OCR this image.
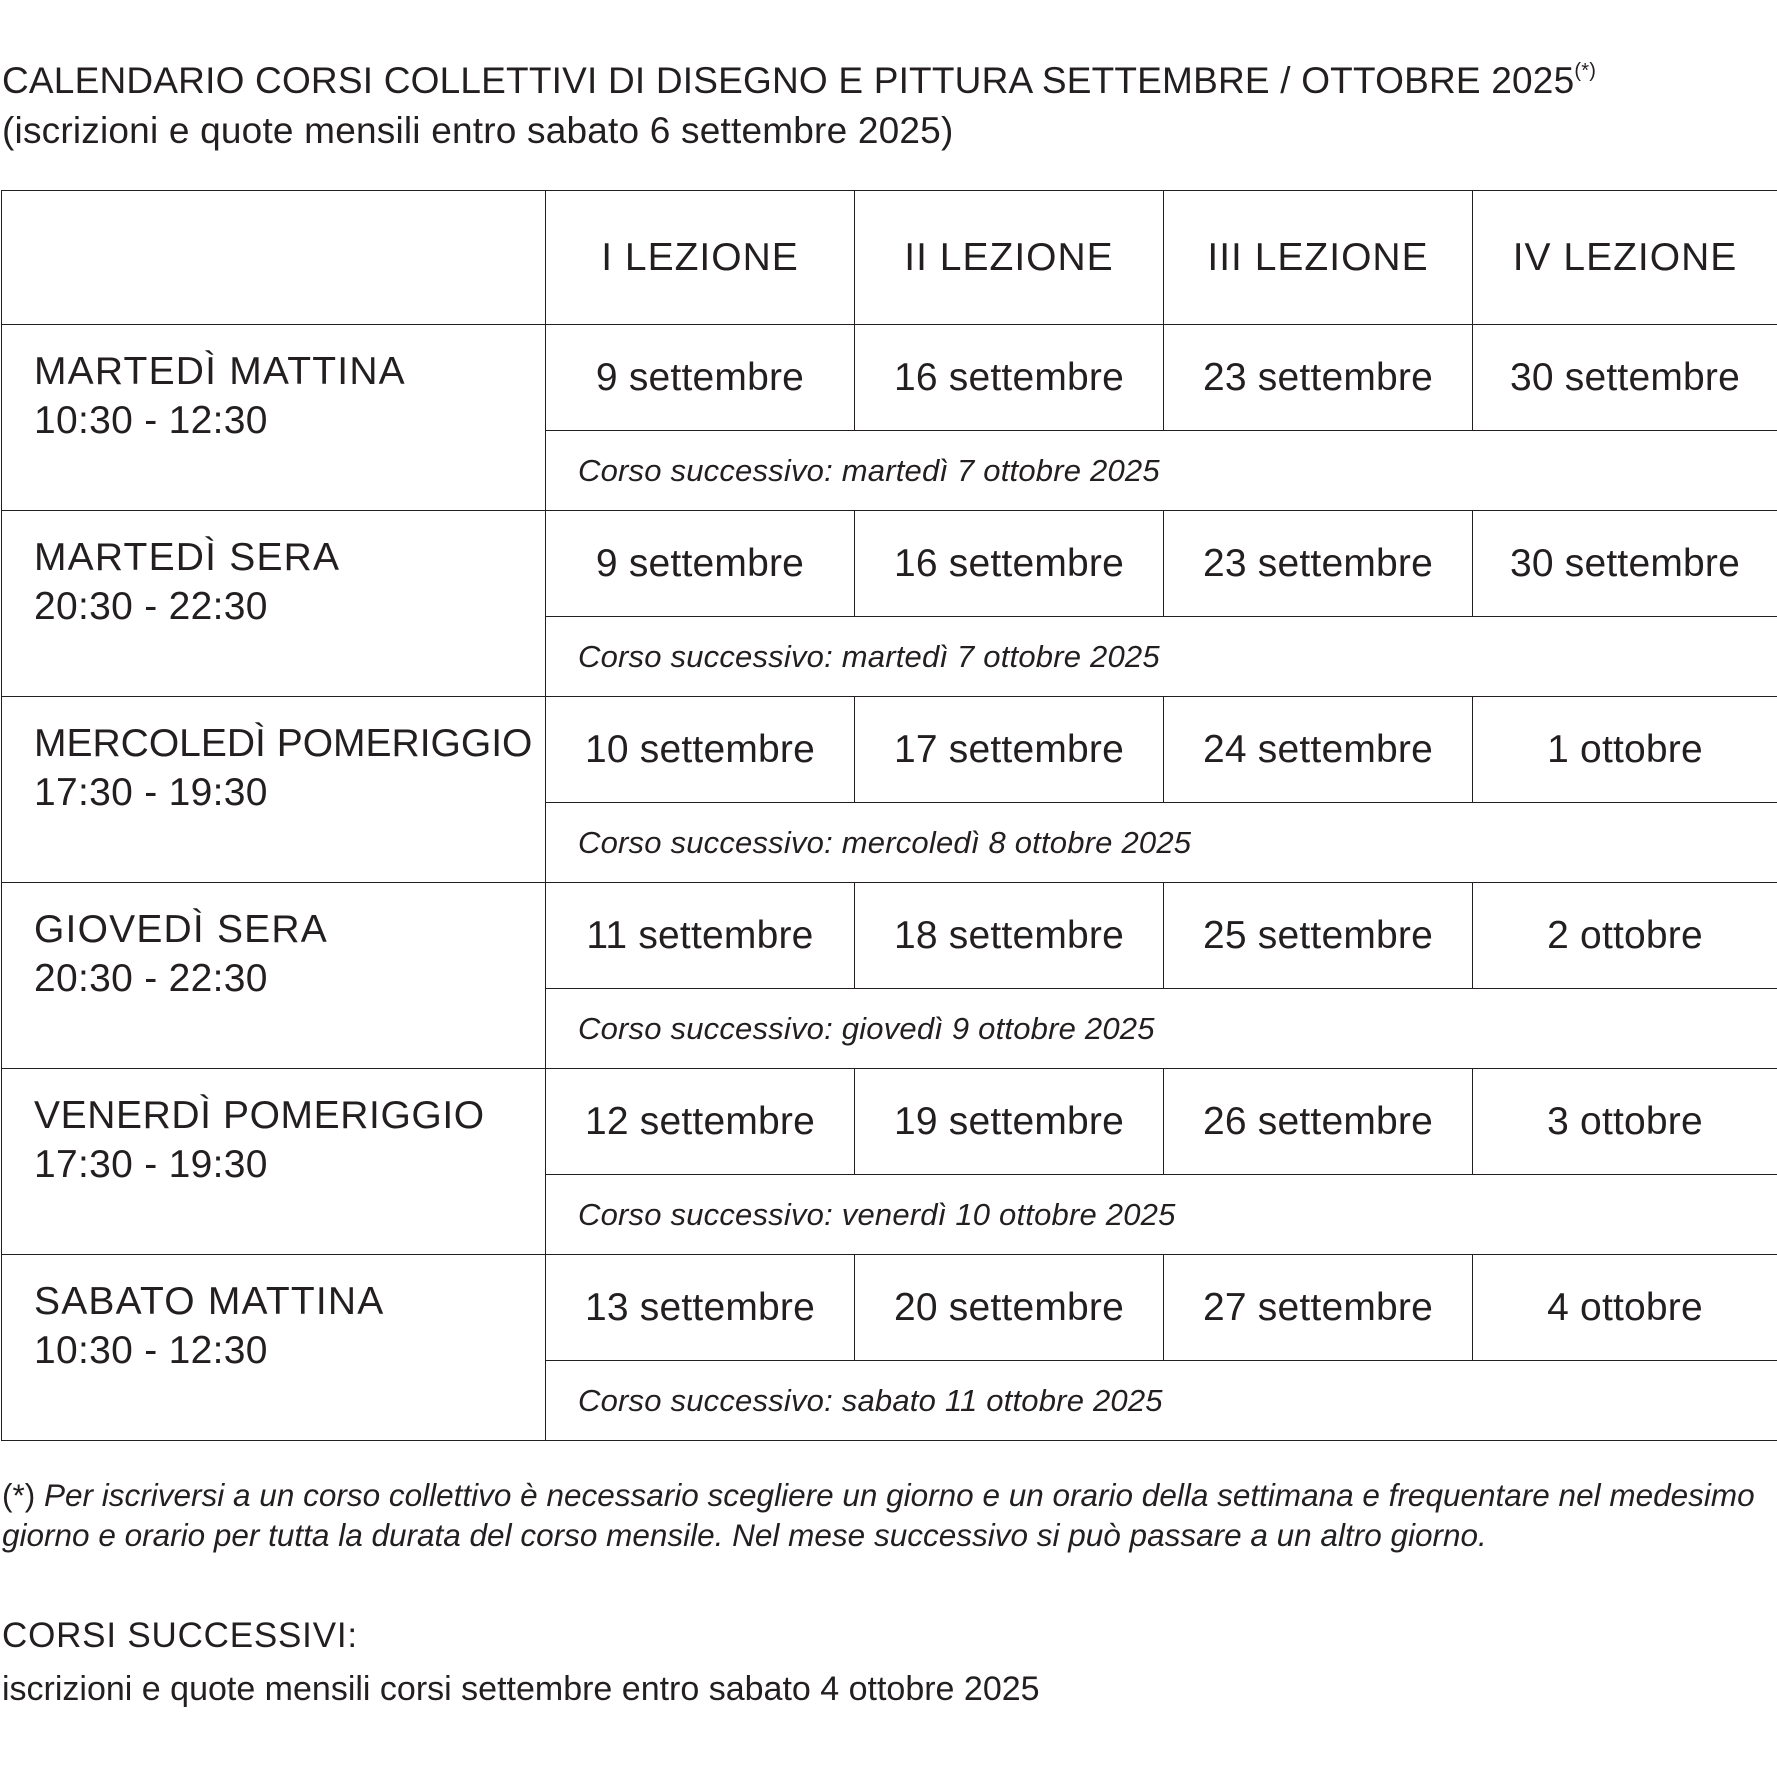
CALENDARIO CORSI COLLETTIVI DI DISEGNO E PITTURA SETTEMBRE / OTTOBRE 2025(*)
(iscrizioni e quote mensili entro sabato 6 settembre 2025)
	I LEZIONE	II LEZIONE	III LEZIONE	IV LEZIONE

MARTEDÌ MATTINA
10:30 - 12:30	9 settembre	16 settembre	23 settembre	30 settembre
	Corso successivo: martedì 7 ottobre 2025			

MARTEDÌ SERA
20:30 - 22:30	9 settembre	16 settembre	23 settembre	30 settembre
	Corso successivo: martedì 7 ottobre 2025			

MERCOLEDÌ POMERIGGIO
17:30 - 19:30	10 settembre	17 settembre	24 settembre	1 ottobre
	Corso successivo: mercoledì 8 ottobre 2025			

GIOVEDÌ SERA
20:30 - 22:30	11 settembre	18 settembre	25 settembre	2 ottobre
	Corso successivo: giovedì 9 ottobre 2025			

VENERDÌ POMERIGGIO
17:30 - 19:30	12 settembre	19 settembre	26 settembre	3 ottobre
	Corso successivo: venerdì 10 ottobre 2025			

SABATO MATTINA
10:30 - 12:30	13 settembre	20 settembre	27 settembre	4 ottobre
	Corso successivo: sabato 11 ottobre 2025			
(*) Per iscriversi a un corso collettivo è necessario scegliere un giorno e un orario della settimana e frequentare nel medesimo giorno e orario per tutta la durata del corso mensile. Nel mese successivo si può passare a un altro giorno.
CORSI SUCCESSIVI:
iscrizioni e quote mensili corsi settembre entro sabato 4 ottobre 2025
